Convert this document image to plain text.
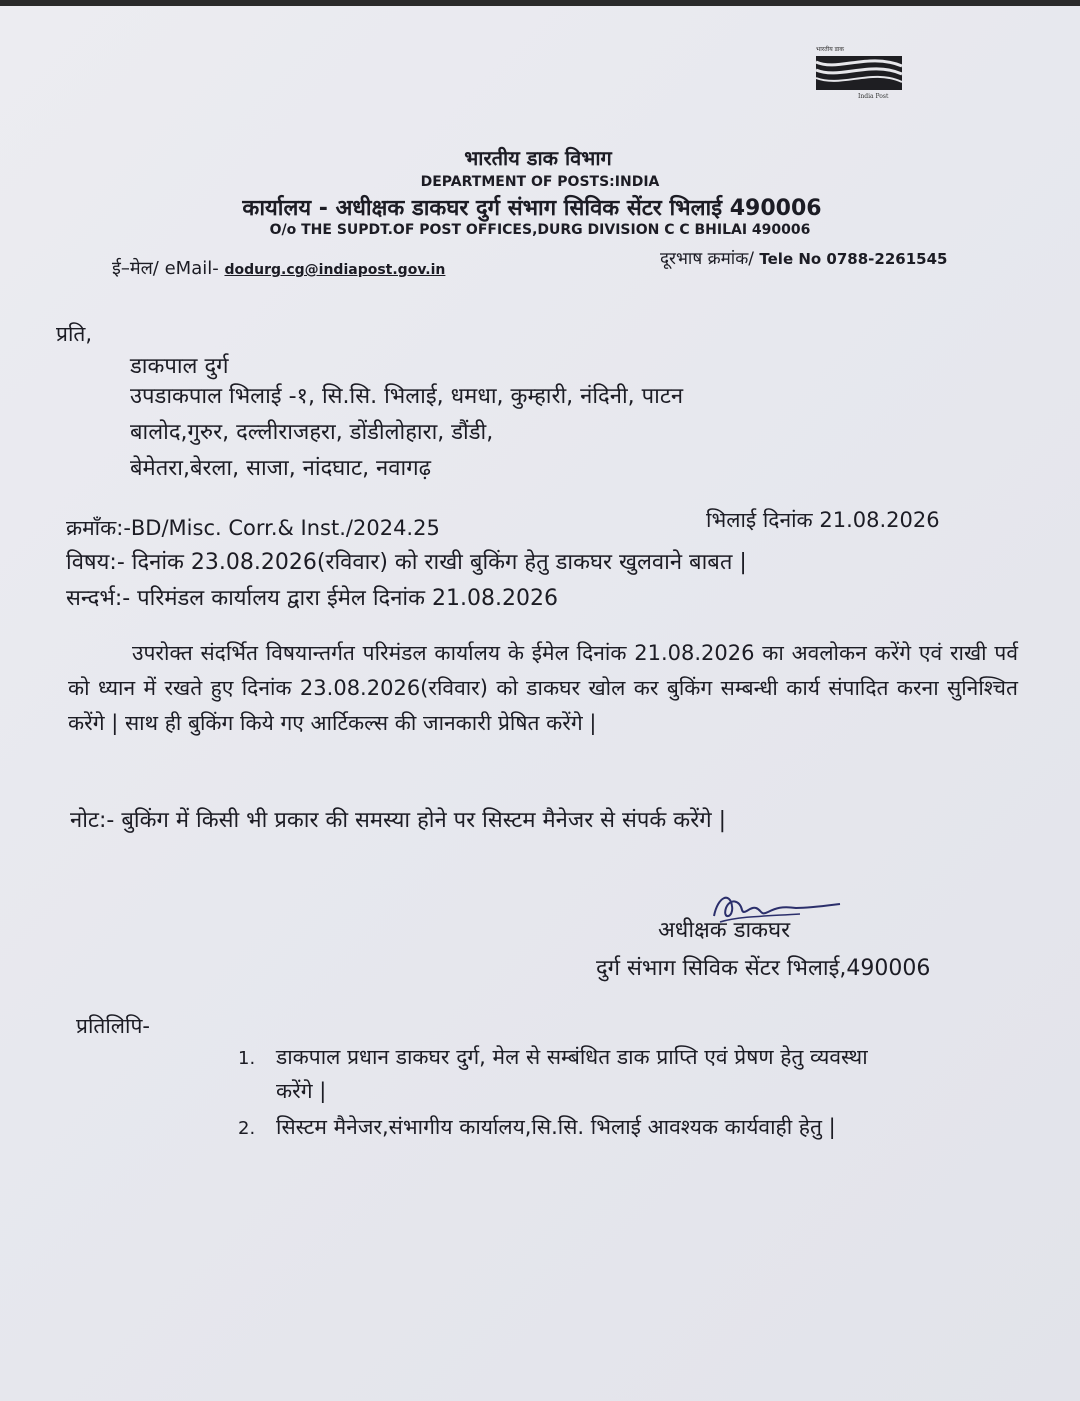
भारतीय डाक
India Post
भारतीय डाक विभाग
DEPARTMENT OF POSTS:INDIA
कार्यालय - अधीक्षक डाकघर दुर्ग संभाग सिविक सेंटर भिलाई 490006
O/o THE SUPDT.OF POST OFFICES,DURG DIVISION C C BHILAI 490006
ई–मेल/ eMail- dodurg.cg@indiapost.gov.in
दूरभाष क्रमांक/ Tele No 0788-2261545
प्रति,
डाकपाल दुर्ग
उपडाकपाल भिलाई -१, सि.सि. भिलाई, धमधा, कुम्हारी, नंदिनी, पाटन
बालोद,गुरुर, दल्लीराजहरा, डोंडीलोहारा, डौंडी,
बेमेतरा,बेरला, साजा, नांदघाट, नवागढ़
क्रमाँक:-BD/Misc. Corr.& Inst./2024.25	भिलाई दिनांक 21.08.2026
विषय:- दिनांक 23.08.2026(रविवार) को राखी बुकिंग हेतु डाकघर खुलवाने बाबत |
सन्दर्भ:- परिमंडल कार्यालय द्वारा ईमेल दिनांक 21.08.2026
उपरोक्त संदर्भित विषयान्तर्गत परिमंडल कार्यालय के ईमेल दिनांक 21.08.2026 का अवलोकन करेंगे एवं राखी पर्व को ध्यान में रखते हुए दिनांक 23.08.2026(रविवार) को डाकघर खोल कर बुकिंग सम्बन्धी कार्य संपादित करना सुनिश्चित करेंगे | साथ ही बुकिंग किये गए आर्टिकल्स की जानकारी प्रेषित करेंगे |
नोट:- बुकिंग में किसी भी प्रकार की समस्या होने पर सिस्टम मैनेजर से संपर्क करेंगे |
अधीक्षक डाकघर
दुर्ग संभाग सिविक सेंटर भिलाई,490006
प्रतिलिपि-
1. डाकपाल प्रधान डाकघर दुर्ग, मेल से सम्बंधित डाक प्राप्ति एवं प्रेषण हेतु व्यवस्था
करेंगे |
2. सिस्टम मैनेजर,संभागीय कार्यालय,सि.सि. भिलाई आवश्यक कार्यवाही हेतु |
